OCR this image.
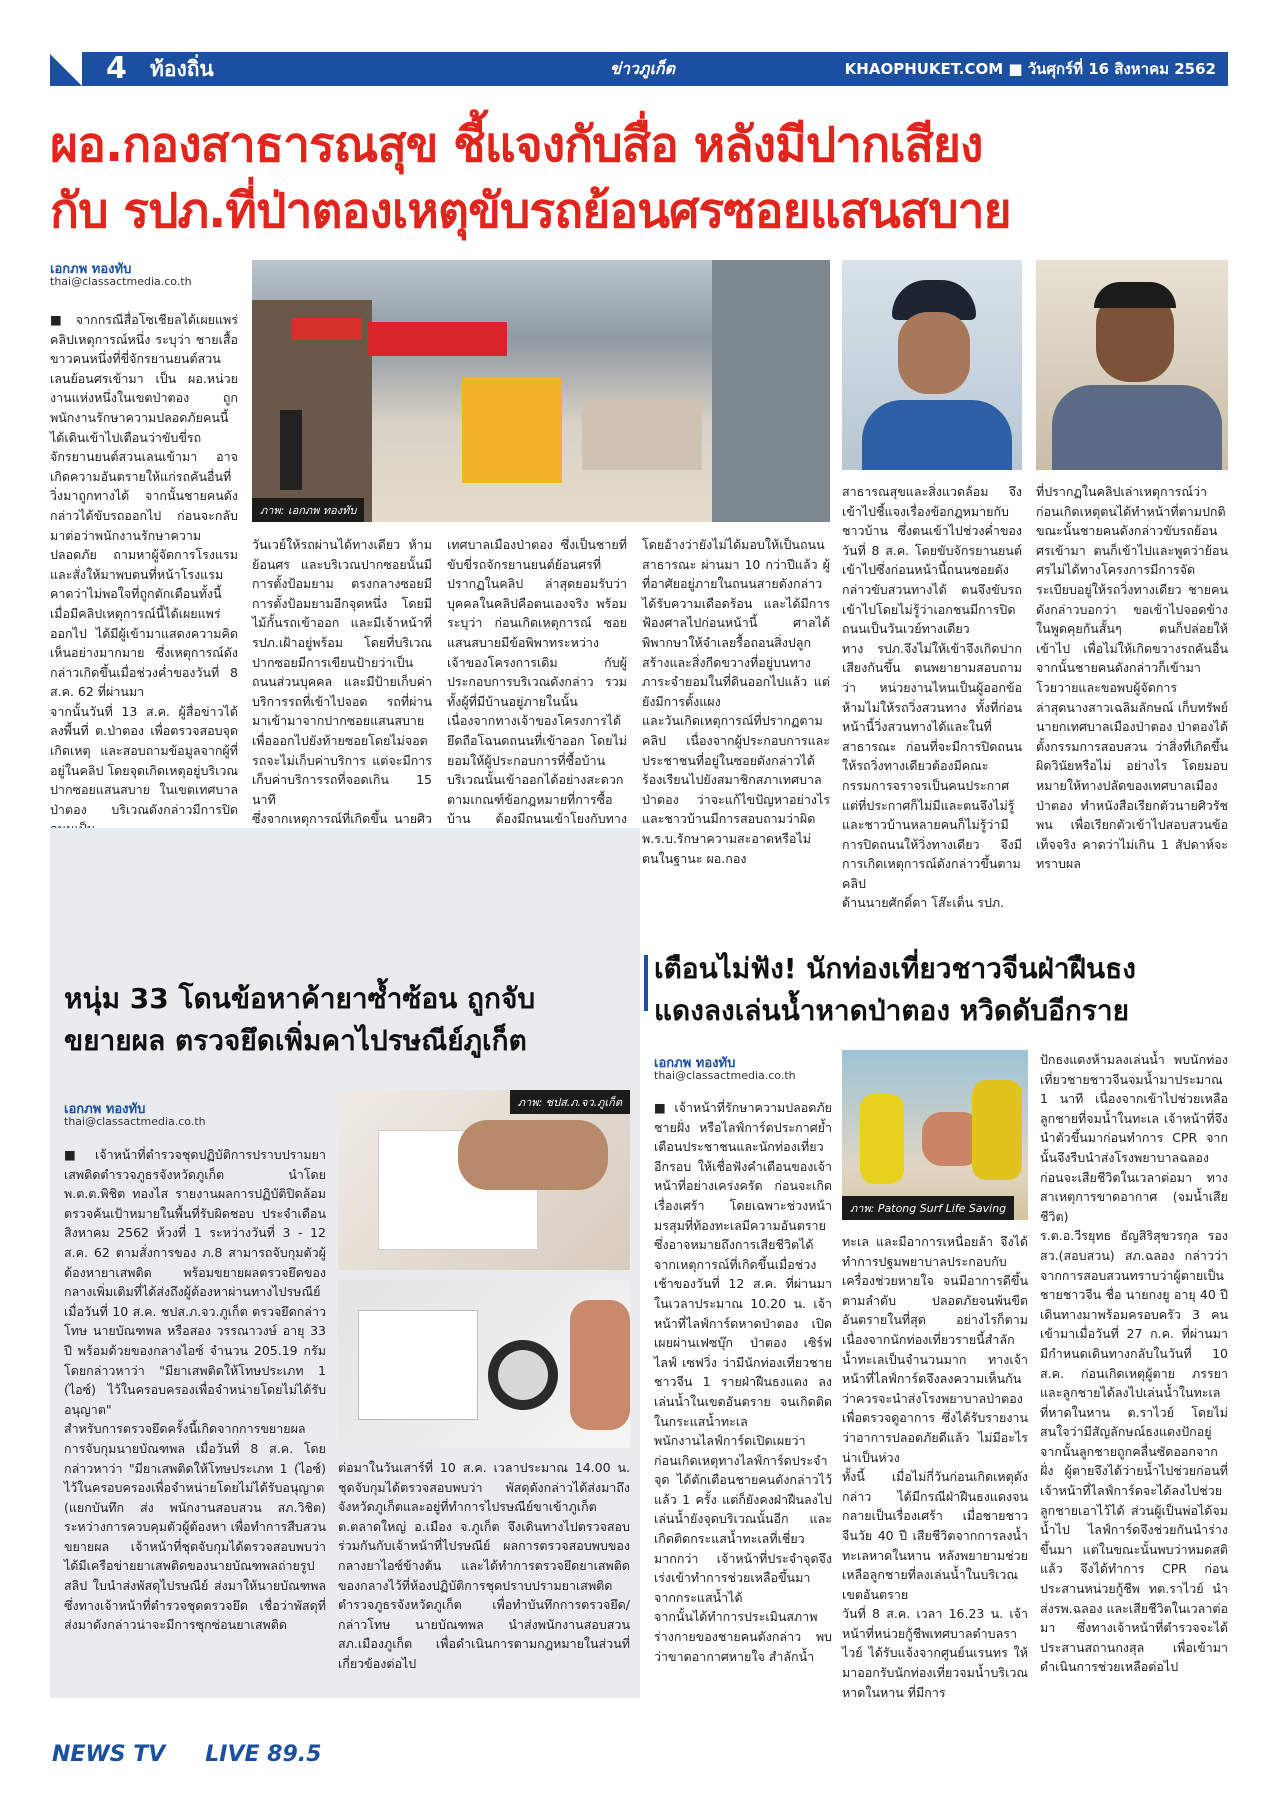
4 ท้องถิ่น	ข่าวภูเก็ต	KHAOPHUKET.COM ■ วันศุกร์ที่ 16 สิงหาคม 2562
ผอ.กองสาธารณสุข ชี้แจงกับสื่อ หลังมีปากเสียง
กับ รปภ.ที่ป่าตองเหตุขับรถย้อนศรซอยแสนสบาย
เอกภพ ทองทับ
thai@classactmedia.co.th
ภาพ: เอกภพ ทองทับ
■ จากกรณีสื่อโซเชียลได้เผยแพร่คลิปเหตุการณ์หนึ่ง ระบุว่า ชายเสื้อขาวคนหนึ่งที่ขี่จักรยานยนต์สวนเลนย้อนศรเข้ามา เป็น ผอ.หน่วยงานแห่งหนึ่งในเขตป่าตอง ถูกพนักงานรักษาความปลอดภัยคนนี้ได้เดินเข้าไปเตือนว่าขับขี่รถจักรยานยนต์สวนเลนเข้ามา อาจเกิดความอันตรายให้แก่รถคันอื่นที่วิ่งมาถูกทางได้ จากนั้นชายคนดังกล่าวได้ขับรถออกไป ก่อนจะกลับมาต่อว่าพนักงานรักษาความปลอดภัย ถามหาผู้จัดการโรงแรมและสั่งให้มาพบตนที่หน้าโรงแรม คาดว่าไม่พอใจที่ถูกตักเตือนทั้งนี้ เมื่อมีคลิปเหตุการณ์นี้ได้เผยแพร่ออกไป ได้มีผู้เข้ามาแสดงความคิดเห็นอย่างมากมาย ซึ่งเหตุการณ์ดังกล่าวเกิดขึ้นเมื่อช่วงค่ำของวันที่ 8 ส.ค. 62 ที่ผ่านมา
จากนั้นวันที่ 13 ส.ค. ผู้สื่อข่าวได้ลงพื้นที่ ต.ป่าตอง เพื่อตรวจสอบจุดเกิดเหตุ และสอบถามข้อมูลจากผู้ที่อยู่ในคลิป โดยจุดเกิดเหตุอยู่บริเวณปากซอยแสนสบาย ในเขตเทศบาลป่าตอง บริเวณดังกล่าวมีการปิด
วันเวย์ให้รถผ่านได้ทางเดียว ห้ามย้อนศร และบริเวณปากซอยนั้นมีการตั้งป้อมยาม ตรงกลางซอยมีการตั้งป้อมยามอีกจุดหนึ่ง โดยมีไม้กั้นรถเข้าออก และมีเจ้าหน้าที่ รปภ.เฝ้าอยู่พร้อม โดยที่บริเวณปากซอยมีการเขียนป้ายว่าเป็นถนนส่วนบุคคล และมีป้ายเก็บค่าบริการรถที่เข้าไปจอด รถที่ผ่านมาเข้ามาจากปากซอยแสนสบายเพื่อออกไปยังท้ายซอยโดยไม่จอดรถจะไม่เก็บค่าบริการ แต่จะมีการเก็บค่าบริการรถที่จอดเกิน 15 นาที
ซึ่งจากเหตุการณ์ที่เกิดขึ้น นายศิว
เทศบาลเมืองป่าตอง ซึ่งเป็นชายที่ขับขี่รถจักรยานยนต์ย้อนศรที่ปรากฏในคลิป ล่าสุดยอมรับว่า บุคคลในคลิปคือตนเองจริง พร้อมระบุว่า ก่อนเกิดเหตุการณ์ ซอยแสนสบายมีข้อพิพาทระหว่างเจ้าของโครงการเดิม กับผู้ประกอบการบริเวณดังกล่าว รวมทั้งผู้ที่มีบ้านอยู่ภายในนั้น เนื่องจากทางเจ้าของโครงการได้ยึดถือโฉนดถนนที่เข้าออก โดยไม่ยอมให้ผู้ประกอบการที่ซื้อบ้านบริเวณนั้นเข้าออกได้อย่างสะดวก ตามเกณฑ์ข้อกฎหมายที่การซื้อบ้าน ต้องมีถนนเข้าโยงกับทาง
โดยอ้างว่ายังไม่ได้มอบให้เป็นถนนสาธารณะ ผ่านมา 10 กว่าปีแล้ว ผู้ที่อาศัยอยู่ภายในถนนสายดังกล่าวได้รับความเดือดร้อน และได้มีการฟ้องศาลไปก่อนหน้านี้ ศาลได้พิพากษาให้จำเลยรื้อถอนสิ่งปลูกสร้างและสิ่งกีดขวางที่อยู่บนทางภาระจำยอมในที่ดินออกไปแล้ว แต่ยังมีการตั้งแผง
และวันเกิดเหตุการณ์ที่ปรากฏตามคลิป เนื่องจากผู้ประกอบการและประชาชนที่อยู่ในซอยดังกล่าวได้ร้องเรียนไปยังสมาชิกสภาเทศบาลป่าตอง ว่าจะแก้ไขปัญหาอย่างไร และชาวบ้านมีการสอบถามว่าผิด พ.ร.บ.รักษาความสะอาดหรือไม่ ตนในฐานะ ผอ.กอง
สาธารณสุขและสิ่งแวดล้อม จึงเข้าไปชี้แจงเรื่องข้อกฎหมายกับชาวบ้าน ซึ่งตนเข้าไปช่วงค่ำของวันที่ 8 ส.ค. โดยขับจักรยานยนต์เข้าไปซึ่งก่อนหน้านี้ถนนซอยดังกล่าวขับสวนทางได้ ตนจึงขับรถเข้าไปโดยไม่รู้ว่าเอกชนมีการปิดถนนเป็นวันเวย์ทางเดียว
ทาง รปภ.จึงไม่ให้เข้าจึงเกิดปากเสียงกันขึ้น ตนพยายามสอบถามว่า หน่วยงานไหนเป็นผู้ออกข้อห้ามไม่ให้รถวิ่งสวนทาง ทั้งที่ก่อนหน้านี้วิ่งสวนทางได้และในที่สาธารณะ ก่อนที่จะมีการปิดถนนให้รถวิ่งทางเดียวต้องมีคณะกรรมการจราจรเป็นคนประกาศ แต่ที่ประกาศก็ไม่มีและตนจึงไม่รู้และชาวบ้านหลายคนก็ไม่รู้ว่ามีการปิดถนนให้วิ่งทางเดียว จึงมีการเกิดเหตุการณ์ดังกล่าวขึ้นตามคลิป
ด้านนายศักดิ์ดา โส๊ะเต็น รปภ.
ที่ปรากฏในคลิปเล่าเหตุการณ์ว่า ก่อนเกิดเหตุตนได้ทำหน้าที่ตามปกติ ขณะนั้นชายคนดังกล่าวขับรถย้อนศรเข้ามา ตนก็เข้าไปและพูดว่าย้อนศรไม่ได้ทางโครงการมีการจัดระเบียบอยู่ให้รถวิ่งทางเดียว ชายคนดังกล่าวบอกว่า ขอเข้าไปจอดข้างในพูดคุยกันสั้นๆ ตนก็ปล่อยให้เข้าไป เพื่อไม่ให้เกิดขวางรถคันอื่น จากนั้นชายคนดังกล่าวก็เข้ามาโวยวายและขอพบผู้จัดการ
ล่าสุดนางสาวเฉลิมลักษณ์ เก็บทรัพย์ นายกเทศบาลเมืองป่าตอง ป่าตองได้ตั้งกรรมการสอบสวน ว่าสิ่งที่เกิดขึ้นผิดวินัยหรือไม่ อย่างไร โดยมอบหมายให้ทางปลัดของเทศบาลเมืองป่าตอง ทำหนังสือเรียกตัวนายศิวรัชพน เพื่อเรียกตัวเข้าไปสอบสวนข้อเท็จจริง คาดว่าไม่เกิน 1 สัปดาห์จะทราบผล
หนุ่ม 33 โดนข้อหาค้ายาซ้ำซ้อน ถูกจับ
ขยายผล ตรวจยึดเพิ่มคาไปรษณีย์ภูเก็ต
เอกภพ ทองทับ
thai@classactmedia.co.th
ภาพ: ชปส.ภ.จว.ภูเก็ต
■เจ้าหน้าที่ตำรวจชุดปฏิบัติการปราบปรามยาเสพติดตำรวจภูธรจังหวัดภูเก็ต นำโดย พ.ต.ต.พิชิต ทองไส รายงานผลการปฏิบัติปิดล้อมตรวจค้นเป้าหมายในพื้นที่รับผิดชอบ ประจำเดือน สิงหาคม 2562 ห้วงที่ 1 ระหว่างวันที่ 3 - 12 ส.ค. 62 ตามสั่งการของ ภ.8 สามารถจับกุมตัวผู้ต้องหายาเสพติด พร้อมขยายผลตรวจยึดของกลางเพิ่มเติมที่ได้ส่งถึงผู้ต้องหาผ่านทางไปรษณีย์
เมื่อวันที่ 10 ส.ค. ชปส.ภ.จว.ภูเก็ต ตรวจยึดกล่าวโทษ นายบัณฑพล หรือสอง วรรณาวงษ์ อายุ 33 ปี พร้อมด้วยของกลางไอซ์ จำนวน 205.19 กรัม โดยกล่าวหาว่า "มียาเสพติดให้โทษประเภท 1 (ไอซ์) ไว้ในครอบครองเพื่อจำหน่ายโดยไม่ได้รับอนุญาต"
สำหรับการตรวจยึดครั้งนี้เกิดจากการขยายผลการจับกุมนายบัณฑพล เมื่อวันที่ 8 ส.ค. โดยกล่าวหาว่า "มียาเสพติดให้โทษประเภท 1 (ไอซ์) ไว้ในครอบครองเพื่อจำหน่ายโดยไม่ได้รับอนุญาต (แยกบันทึก ส่ง พนักงานสอบสวน สภ.วิชิต) ระหว่างการควบคุมตัวผู้ต้องหา เพื่อทำการสืบสวนขยายผล เจ้าหน้าที่ชุดจับกุมได้ตรวจสอบพบว่า ได้มีเครือข่ายยาเสพติดของนายบัณฑพลถ่ายรูปสลิป ใบนำส่งพัสดุไปรษณีย์ ส่งมาให้นายบัณฑพล ซึ่งทางเจ้าหน้าที่ตำรวจชุดตรวจยึด เชื่อว่าพัสดุที่ส่งมาดังกล่าวน่าจะมีการซุกซ่อนยาเสพติด
ต่อมาในวันเสาร์ที่ 10 ส.ค. เวลาประมาณ 14.00 น. ชุดจับกุมได้ตรวจสอบพบว่า พัสดุดังกล่าวได้ส่งมาถึงจังหวัดภูเก็ตและอยู่ที่ทำการไปรษณีย์ขาเข้าภูเก็ต ต.ตลาดใหญ่ อ.เมือง จ.ภูเก็ต จึงเดินทางไปตรวจสอบร่วมกันกับเจ้าหน้าที่ไปรษณีย์ ผลการตรวจสอบพบของกลางยาไอซ์ข้างต้น และได้ทำการตรวจยึดยาเสพติดของกลางไว้ที่ห้องปฏิบัติการชุดปราบปรามยาเสพติดตำรวจภูธรจังหวัดภูเก็ต เพื่อทำบันทึกการตรวจยึด/กล่าวโทษ นายบัณฑพล นำส่งพนักงานสอบสวน สภ.เมืองภูเก็ต เพื่อดำเนินการตามกฎหมายในส่วนที่เกี่ยวข้องต่อไป
เตือนไม่ฟัง! นักท่องเที่ยวชาวจีนฝ่าฝืนธง
แดงลงเล่นน้ำหาดป่าตอง หวิดดับอีกราย
เอกภพ ทองทับ
thai@classactmedia.co.th
ภาพ: Patong Surf Life Saving
■ เจ้าหน้าที่รักษาความปลอดภัยชายฝั่ง หรือไลฟ์การ์ดประกาศย้ำเตือนประชาชนและนักท่องเที่ยวอีกรอบ ให้เชื่อฟังคำเตือนของเจ้าหน้าที่อย่างเคร่งครัด ก่อนจะเกิดเรื่องเศร้า โดยเฉพาะช่วงหน้ามรสุมที่ท้องทะเลมีความอันตราย ซึ่งอาจหมายถึงการเสียชีวิตได้
จากเหตุการณ์ที่เกิดขึ้นเมื่อช่วงเช้าของวันที่ 12 ส.ค. ที่ผ่านมา ในเวลาประมาณ 10.20 น. เจ้าหน้าที่ไลฟ์การ์ดหาดป่าตอง เปิดเผยผ่านเฟซบุ๊ก ป่าตอง เซิร์ฟ ไลฟ์ เซฟวิ่ง ว่ามีนักท่องเที่ยวชายชาวจีน 1 รายฝ่าฝืนธงแดง ลงเล่นน้ำในเขตอันตราย จนเกิดติดในกระแสน้ำทะเล
พนักงานไลฟ์การ์ดเปิดเผยว่า ก่อนเกิดเหตุทางไลฟ์การ์ดประจำจุด ได้ตักเตือนชายคนดังกล่าวไว้แล้ว 1 ครั้ง แต่ก็ยังคงฝ่าฝืนลงไปเล่นน้ำยังจุดบริเวณนั้นอีก และเกิดติดกระแสน้ำทะเลที่เชี่ยวมากกว่า เจ้าหน้าที่ประจำจุดจึงเร่งเข้าทำการช่วยเหลือขึ้นมาจากกระแสน้ำได้
จากนั้นได้ทำการประเมินสภาพร่างกายของชายคนดังกล่าว พบว่าขาดอากาศหายใจ สำลักน้ำ
ทะเล และมีอาการเหนื่อยล้า จึงได้ทำการปฐมพยาบาลประกอบกับเครื่องช่วยหายใจ จนมีอาการดีขึ้นตามลำดับ ปลอดภัยจนพ้นขีดอันตรายในที่สุด อย่างไรก็ตาม เนื่องจากนักท่องเที่ยวรายนี้สำลักน้ำทะเลเป็นจำนวนมาก ทางเจ้าหน้าที่ไลฟ์การ์ดจึงลงความเห็นกันว่าควรจะนำส่งโรงพยาบาลป่าตอง เพื่อตรวจดูอาการ ซึ่งได้รับรายงานว่าอาการปลอดภัยดีแล้ว ไม่มีอะไรน่าเป็นห่วง
ทั้งนี้ เมื่อไม่กี่วันก่อนเกิดเหตุดังกล่าว ได้มีกรณีฝ่าฝืนธงแดงจนกลายเป็นเรื่องเศร้า เมื่อชายชาวจีนวัย 40 ปี เสียชีวิตจากการลงน้ำทะเลหาดในหาน หลังพยายามช่วยเหลือลูกชายที่ลงเล่นน้ำในบริเวณเขตอันตราย
วันที่ 8 ส.ค. เวลา 16.23 น. เจ้าหน้าที่หน่วยกู้ชีพเทศบาลตำบลราไวย์ ได้รับแจ้งจากศูนย์นเรนทร ให้มาออกรับนักท่องเที่ยวจมน้ำบริเวณหาดในหาน ที่มีการ
ปักธงแดงห้ามลงเล่นน้ำ พบนักท่องเที่ยวชายชาวจีนจมน้ำมาประมาณ 1 นาที เนื่องจากเข้าไปช่วยเหลือลูกชายที่จมน้ำในทะเล เจ้าหน้าที่จึงนำตัวขึ้นมาก่อนทำการ CPR จากนั้นจึงรีบนำส่งโรงพยาบาลฉลอง ก่อนจะเสียชีวิตในเวลาต่อมา ทางสาเหตุการขาดอากาศ (จมน้ำเสียชีวิต)
ร.ต.อ.วีรยุทธ ธัญสิริสุขวรกุล รอง สว.(สอบสวน) สภ.ฉลอง กล่าวว่า จากการสอบสวนทราบว่าผู้ตายเป็นชายชาวจีน ชื่อ นายกงยู อายุ 40 ปี เดินทางมาพร้อมครอบครัว 3 คน เข้ามาเมื่อวันที่ 27 ก.ค. ที่ผ่านมา มีกำหนดเดินทางกลับในวันที่ 10 ส.ค. ก่อนเกิดเหตุผู้ตาย ภรรยา และลูกชายได้ลงไปเล่นน้ำในทะเลที่หาดในหาน ต.ราไวย์ โดยไม่สนใจว่ามีสัญลักษณ์ธงแดงปักอยู่
จากนั้นลูกชายถูกคลื่นซัดออกจากฝั่ง ผู้ตายจึงได้ว่ายน้ำไปช่วยก่อนที่เจ้าหน้าที่ไลฟ์การ์ดจะได้ลงไปช่วยลูกชายเอาไว้ได้ ส่วนผู้เป็นพ่อได้จมน้ำไป ไลฟ์การ์ดจึงช่วยกันนำร่างขึ้นมา แต่ในขณะนั้นพบว่าหมดสติแล้ว จึงได้ทำการ CPR ก่อนประสานหน่วยกู้ชีพ ทต.ราไวย์ นำส่งรพ.ฉลอง และเสียชีวิตในเวลาต่อมา ซึ่งทางเจ้าหน้าที่ตำรวจจะได้ประสานสถานกงสุล เพื่อเข้ามาดำเนินการช่วยเหลือต่อไป
NEWS TV LIVE 89.5
